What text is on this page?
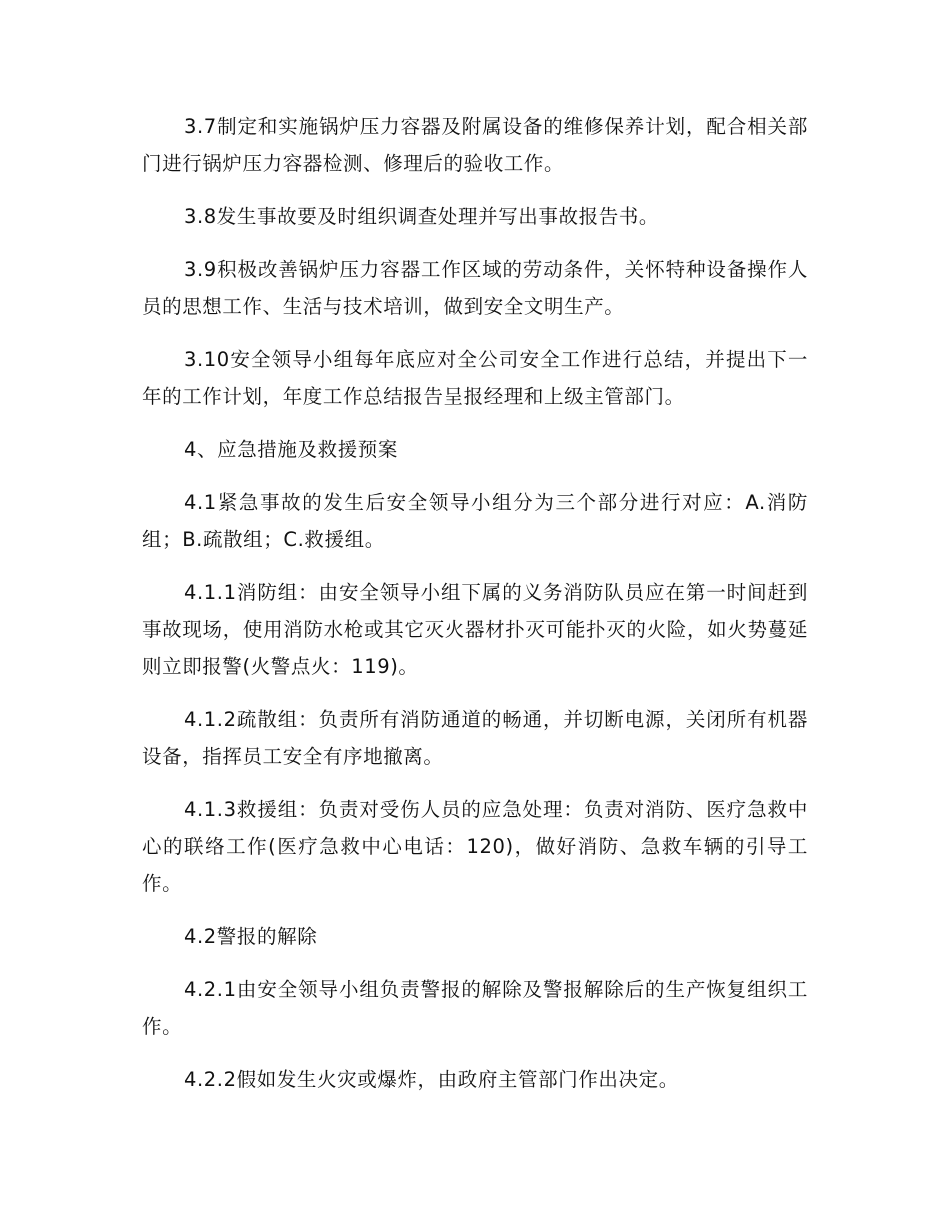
3.7制定和实施锅炉压力容器及附属设备的维修保养计划，配合相关部门进行锅炉压力容器检测、修理后的验收工作。

3.8发生事故要及时组织调查处理并写出事故报告书。

3.9积极改善锅炉压力容器工作区域的劳动条件，关怀特种设备操作人员的思想工作、生活与技术培训，做到安全文明生产。

3.10安全领导小组每年底应对全公司安全工作进行总结，并提出下一年的工作计划，年度工作总结报告呈报经理和上级主管部门。

4、应急措施及救援预案

4.1紧急事故的发生后安全领导小组分为三个部分进行对应：A.消防组；B.疏散组；C.救援组。

4.1.1消防组：由安全领导小组下属的义务消防队员应在第一时间赶到事故现场，使用消防水枪或其它灭火器材扑灭可能扑灭的火险，如火势蔓延则立即报警(火警点火：119)。

4.1.2疏散组：负责所有消防通道的畅通，并切断电源，关闭所有机器设备，指挥员工安全有序地撤离。

4.1.3救援组：负责对受伤人员的应急处理：负责对消防、医疗急救中心的联络工作(医疗急救中心电话：120)，做好消防、急救车辆的引导工作。

4.2警报的解除

4.2.1由安全领导小组负责警报的解除及警报解除后的生产恢复组织工作。

4.2.2假如发生火灾或爆炸，由政府主管部门作出决定。
